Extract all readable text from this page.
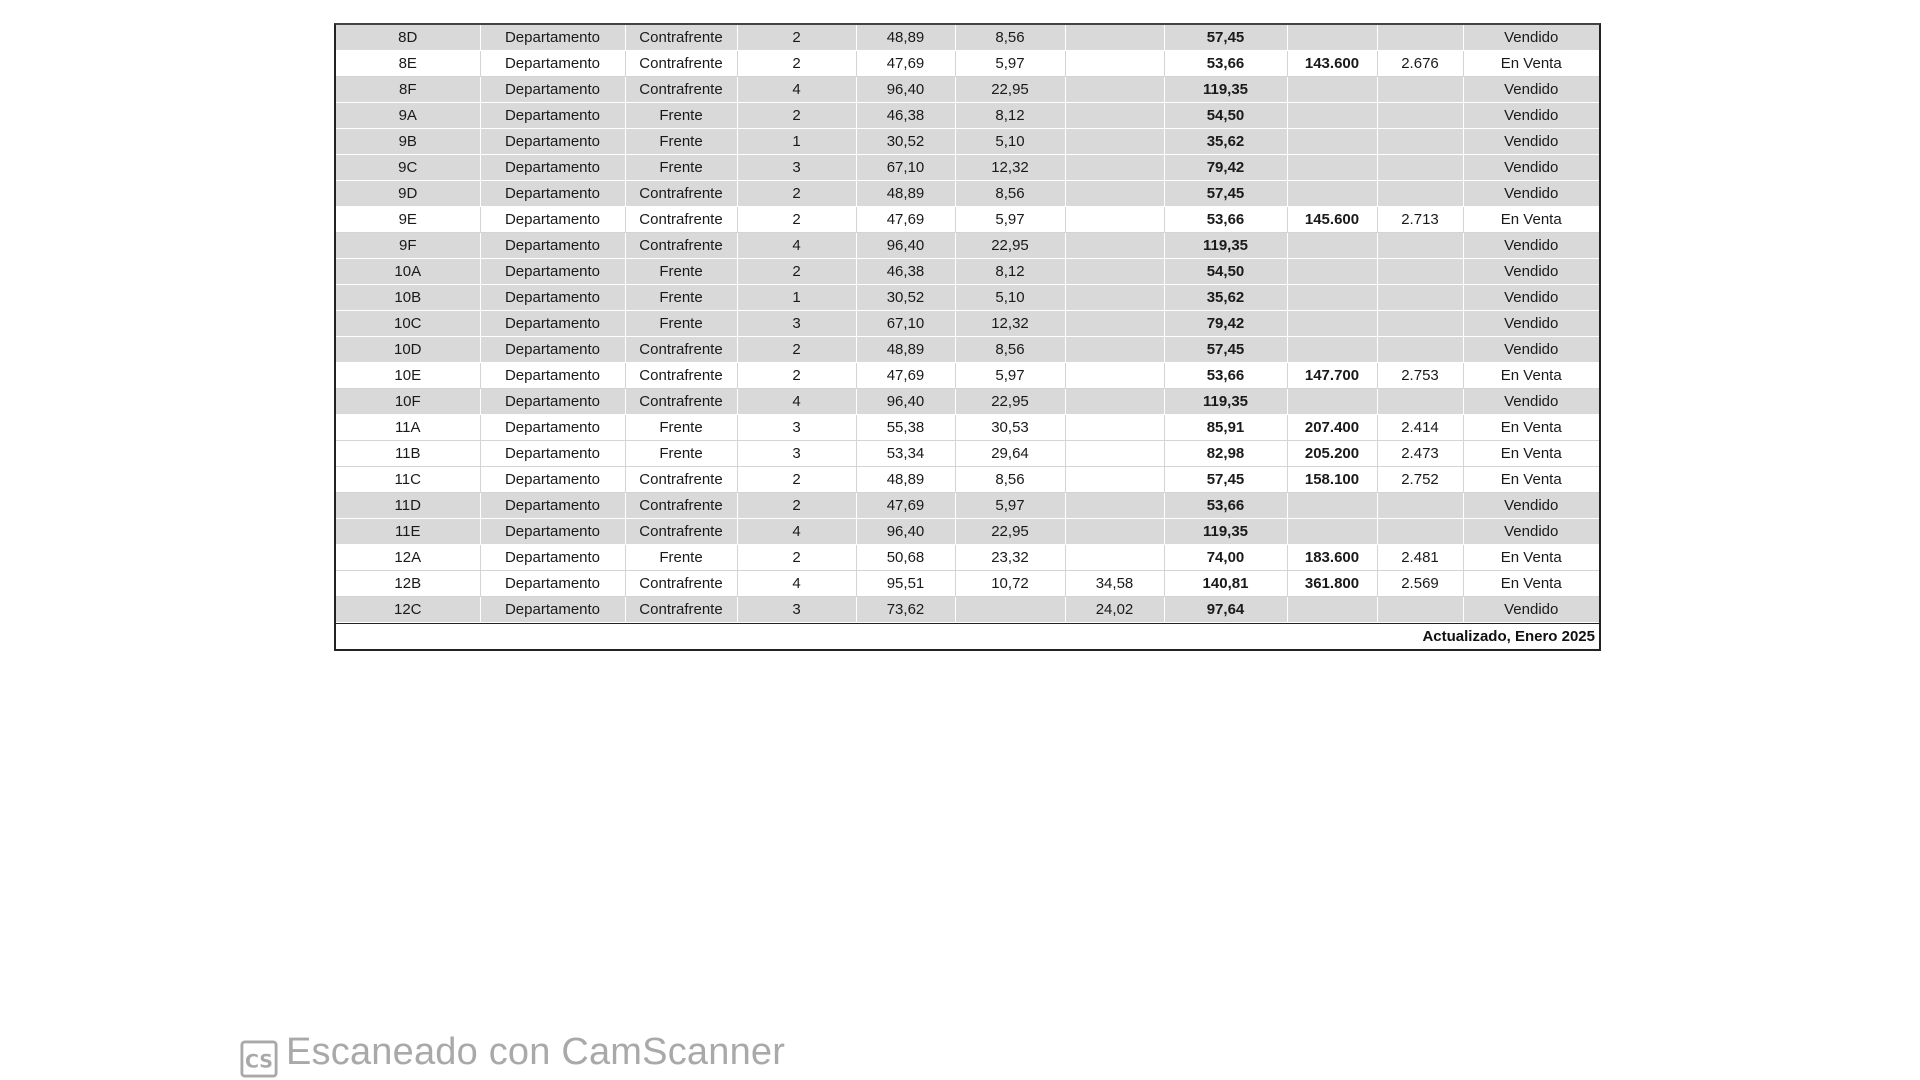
8D	Departamento	Contrafrente	2	48,89	8,56		57,45			Vendido
8E	Departamento	Contrafrente	2	47,69	5,97		53,66	143.600	2.676	En Venta
8F	Departamento	Contrafrente	4	96,40	22,95		119,35			Vendido
9A	Departamento	Frente	2	46,38	8,12		54,50			Vendido
9B	Departamento	Frente	1	30,52	5,10		35,62			Vendido
9C	Departamento	Frente	3	67,10	12,32		79,42			Vendido
9D	Departamento	Contrafrente	2	48,89	8,56		57,45			Vendido
9E	Departamento	Contrafrente	2	47,69	5,97		53,66	145.600	2.713	En Venta
9F	Departamento	Contrafrente	4	96,40	22,95		119,35			Vendido
10A	Departamento	Frente	2	46,38	8,12		54,50			Vendido
10B	Departamento	Frente	1	30,52	5,10		35,62			Vendido
10C	Departamento	Frente	3	67,10	12,32		79,42			Vendido
10D	Departamento	Contrafrente	2	48,89	8,56		57,45			Vendido
10E	Departamento	Contrafrente	2	47,69	5,97		53,66	147.700	2.753	En Venta
10F	Departamento	Contrafrente	4	96,40	22,95		119,35			Vendido
11A	Departamento	Frente	3	55,38	30,53		85,91	207.400	2.414	En Venta
11B	Departamento	Frente	3	53,34	29,64		82,98	205.200	2.473	En Venta
11C	Departamento	Contrafrente	2	48,89	8,56		57,45	158.100	2.752	En Venta
11D	Departamento	Contrafrente	2	47,69	5,97		53,66			Vendido
11E	Departamento	Contrafrente	4	96,40	22,95		119,35			Vendido
12A	Departamento	Frente	2	50,68	23,32		74,00	183.600	2.481	En Venta
12B	Departamento	Contrafrente	4	95,51	10,72	34,58	140,81	361.800	2.569	En Venta
12C	Departamento	Contrafrente	3	73,62		24,02	97,64			Vendido
Actualizado, Enero 2025
CS Escaneado con CamScanner
